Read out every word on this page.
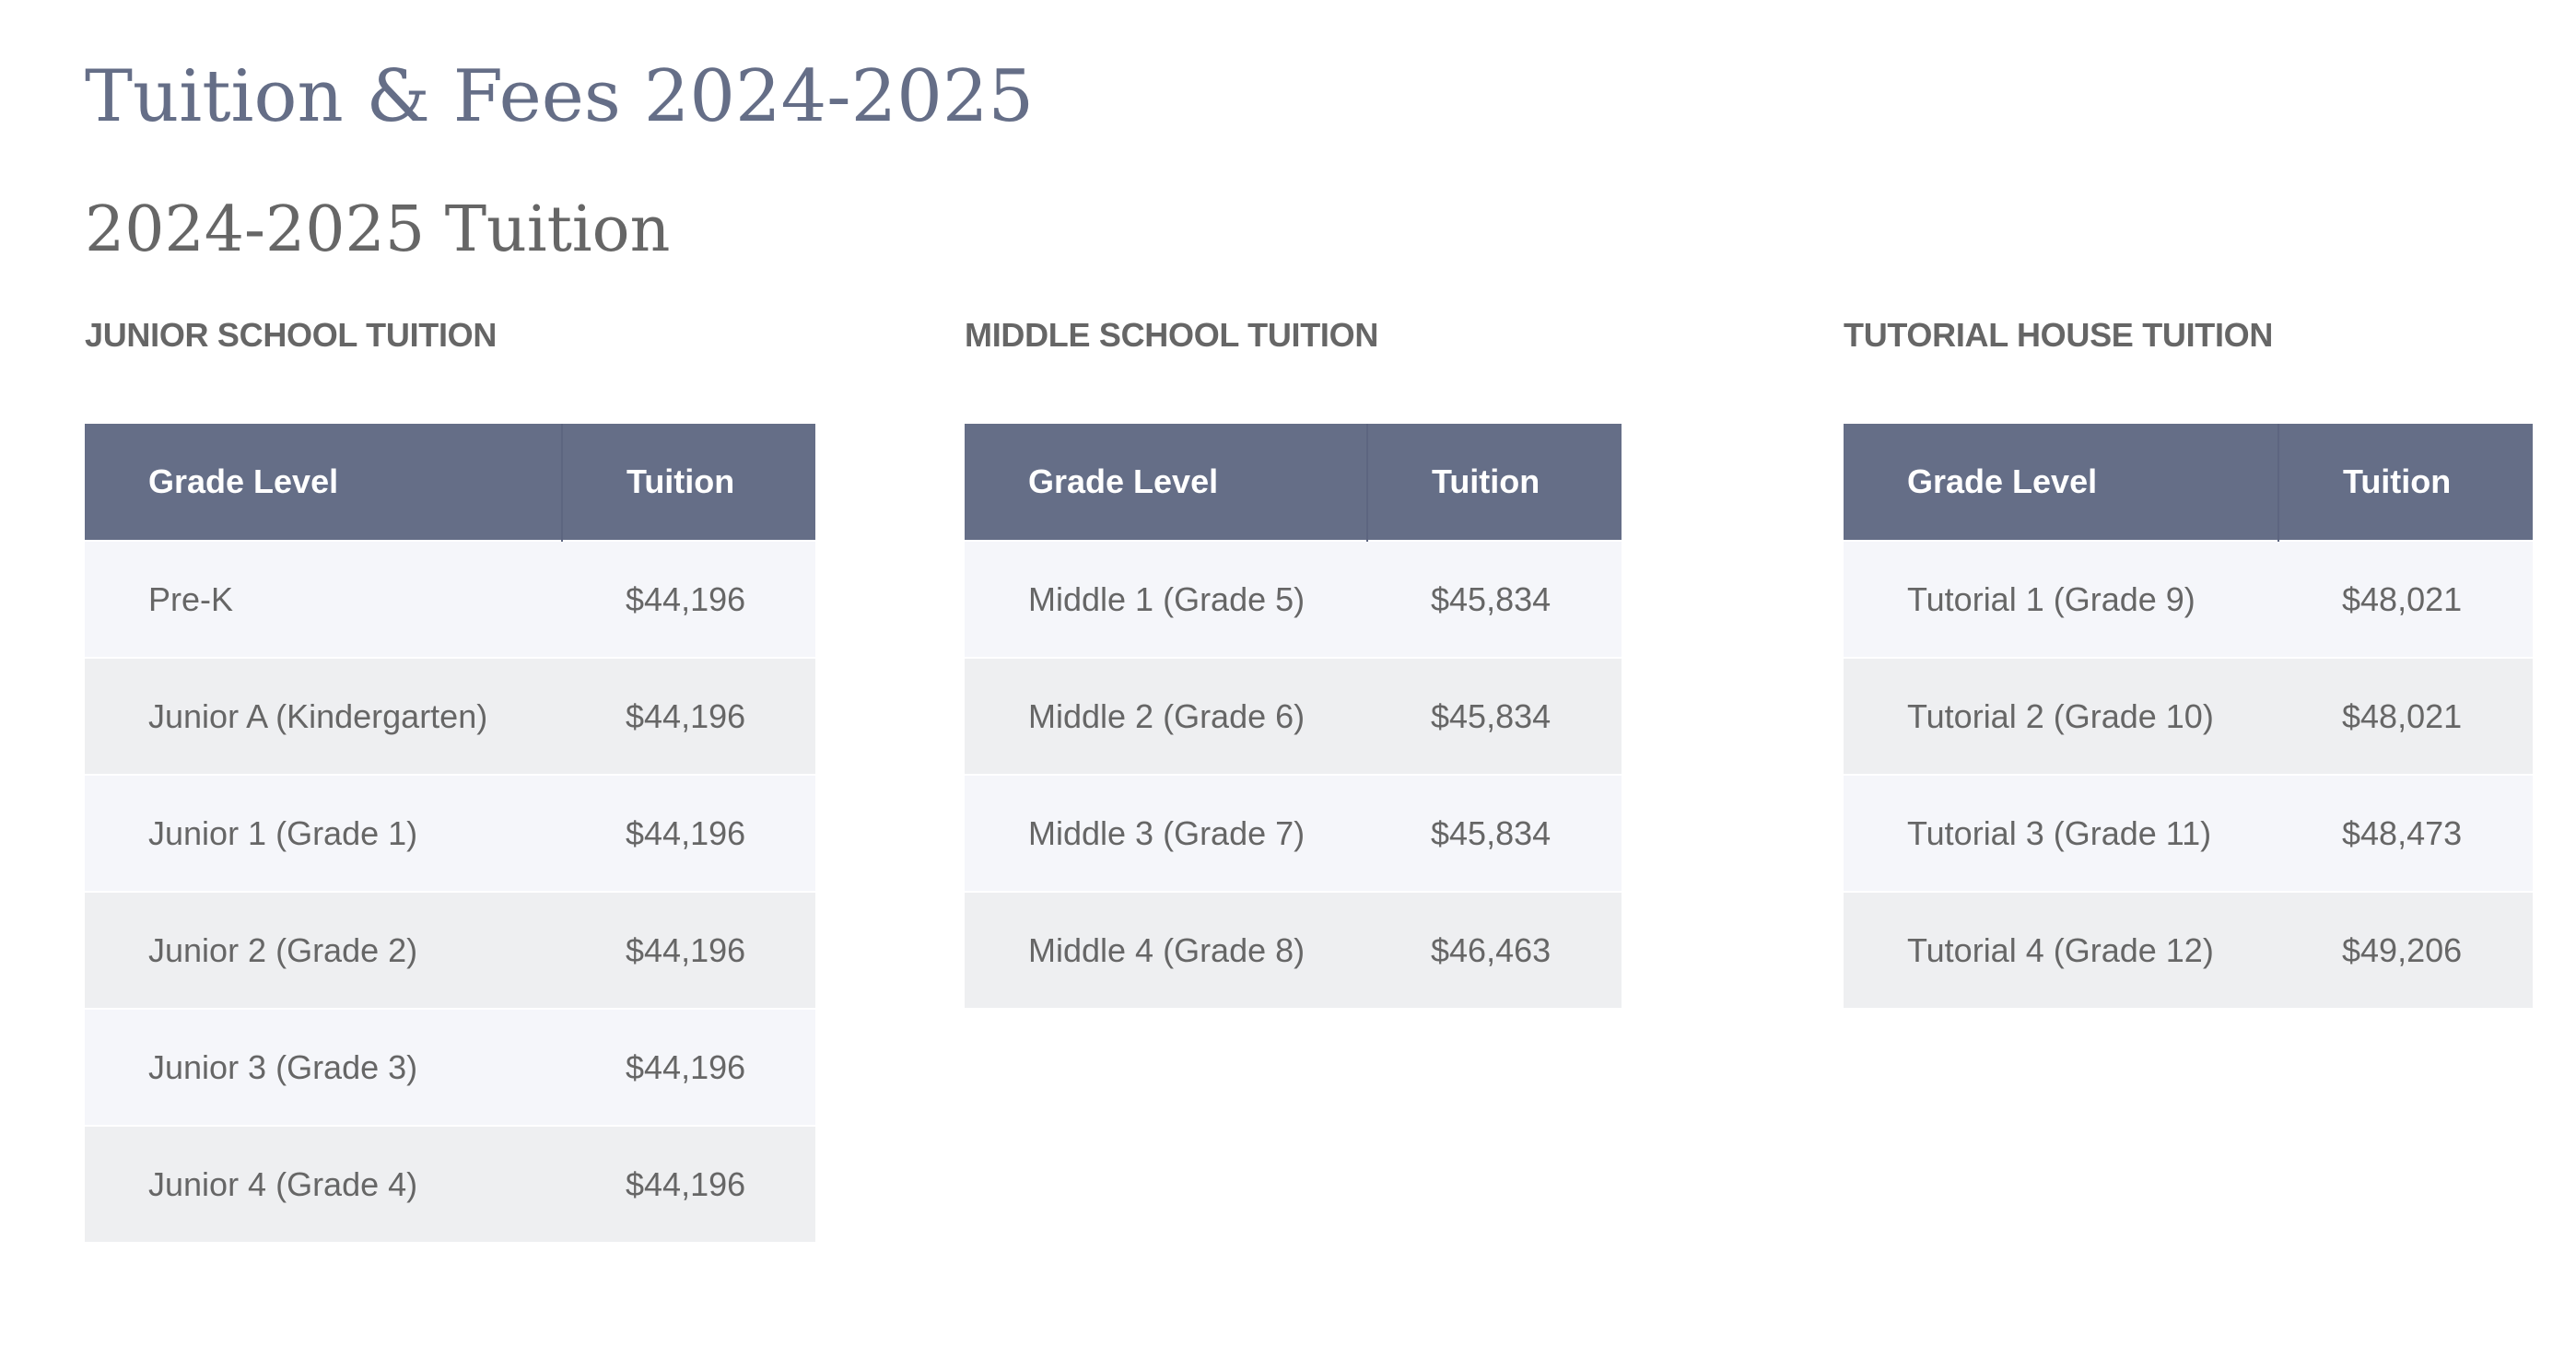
Tuition & Fees 2024-2025
2024-2025 Tuition
JUNIOR SCHOOL TUITION
Grade Level	Tuition
Pre-K	$44,196
Junior A (Kindergarten)	$44,196
Junior 1 (Grade 1)	$44,196
Junior 2 (Grade 2)	$44,196
Junior 3 (Grade 3)	$44,196
Junior 4 (Grade 4)	$44,196
MIDDLE SCHOOL TUITION
Grade Level	Tuition
Middle 1 (Grade 5)	$45,834
Middle 2 (Grade 6)	$45,834
Middle 3 (Grade 7)	$45,834
Middle 4 (Grade 8)	$46,463
TUTORIAL HOUSE TUITION
Grade Level	Tuition
Tutorial 1 (Grade 9)	$48,021
Tutorial 2 (Grade 10)	$48,021
Tutorial 3 (Grade 11)	$48,473
Tutorial 4 (Grade 12)	$49,206
